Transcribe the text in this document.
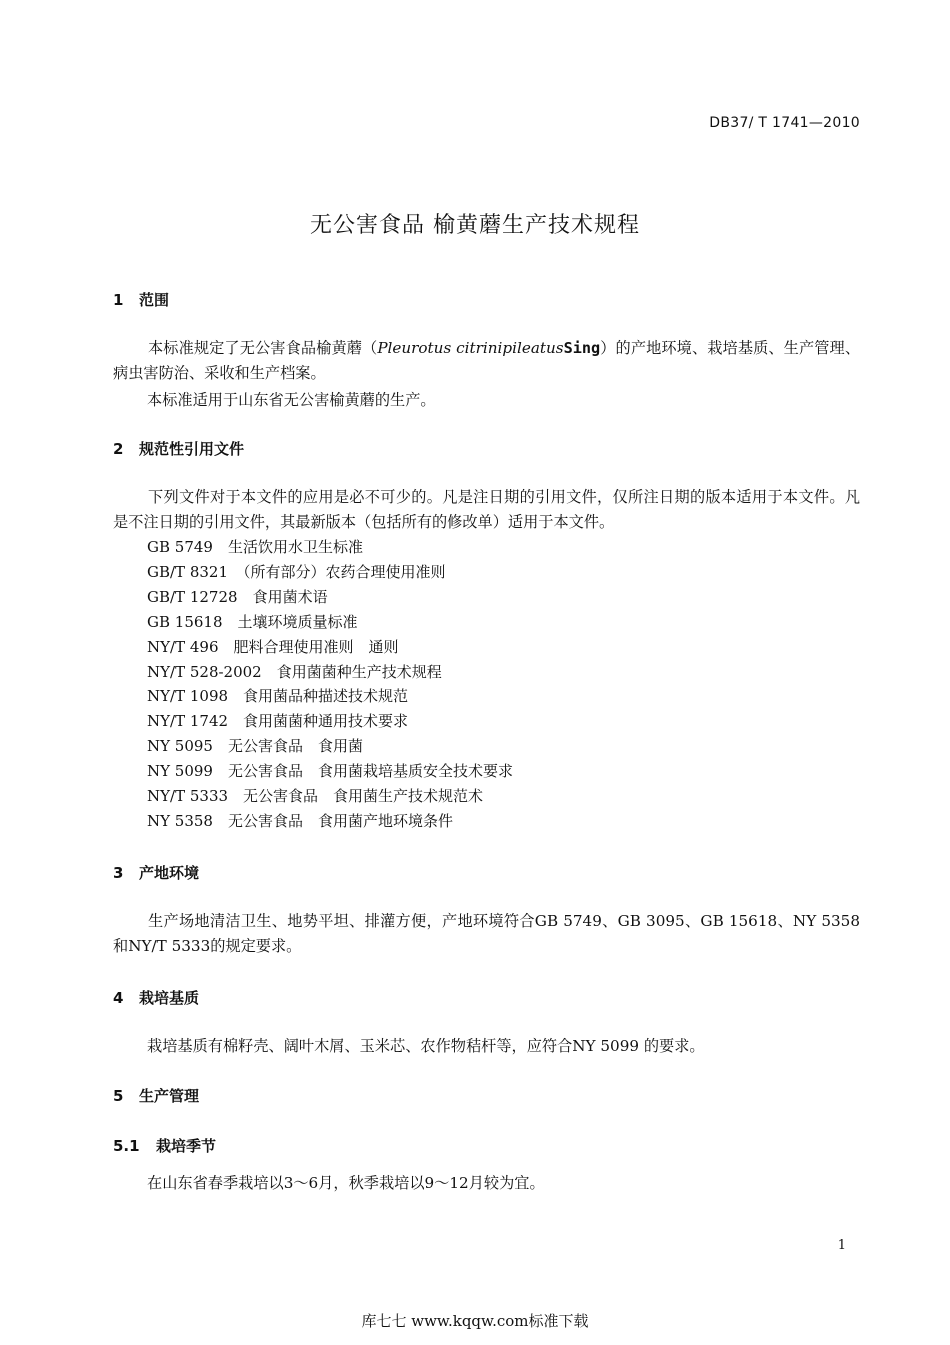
DB37/ T 1741—2010
无公害食品 榆黄蘑生产技术规程
1 范围
本标准规定了无公害食品榆黄蘑（Pleurotus citrinipileatusSing）的产地环境、栽培基质、生产管理、病虫害防治、采收和生产档案。
本标准适用于山东省无公害榆黄蘑的生产。
2 规范性引用文件
下列文件对于本文件的应用是必不可少的。凡是注日期的引用文件，仅所注日期的版本适用于本文件。凡是不注日期的引用文件，其最新版本（包括所有的修改单）适用于本文件。
GB 5749　 生活饮用水卫生标准
GB/T 8321　 （所有部分）农药合理使用准则
GB/T 12728　 食用菌术语
GB 15618　 土壤环境质量标准
NY/T 496　 肥料合理使用准则　通则
NY/T 528-2002　 食用菌菌种生产技术规程
NY/T 1098　 食用菌品种描述技术规范
NY/T 1742　 食用菌菌种通用技术要求
NY 5095　 无公害食品　食用菌
NY 5099　 无公害食品　食用菌栽培基质安全技术要求
NY/T 5333　 无公害食品　食用菌生产技术规范术
NY 5358　 无公害食品　食用菌产地环境条件
3 产地环境
生产场地清洁卫生、地势平坦、排灌方便，产地环境符合GB 5749、GB 3095、GB 15618、NY 5358和NY/T 5333的规定要求。
4 栽培基质
栽培基质有棉籽壳、阔叶木屑、玉米芯、农作物秸杆等，应符合NY 5099 的要求。
5 生产管理
5.1 栽培季节
在山东省春季栽培以3～6月，秋季栽培以9～12月较为宜。
1
库七七 www.kqqw.com标准下载
